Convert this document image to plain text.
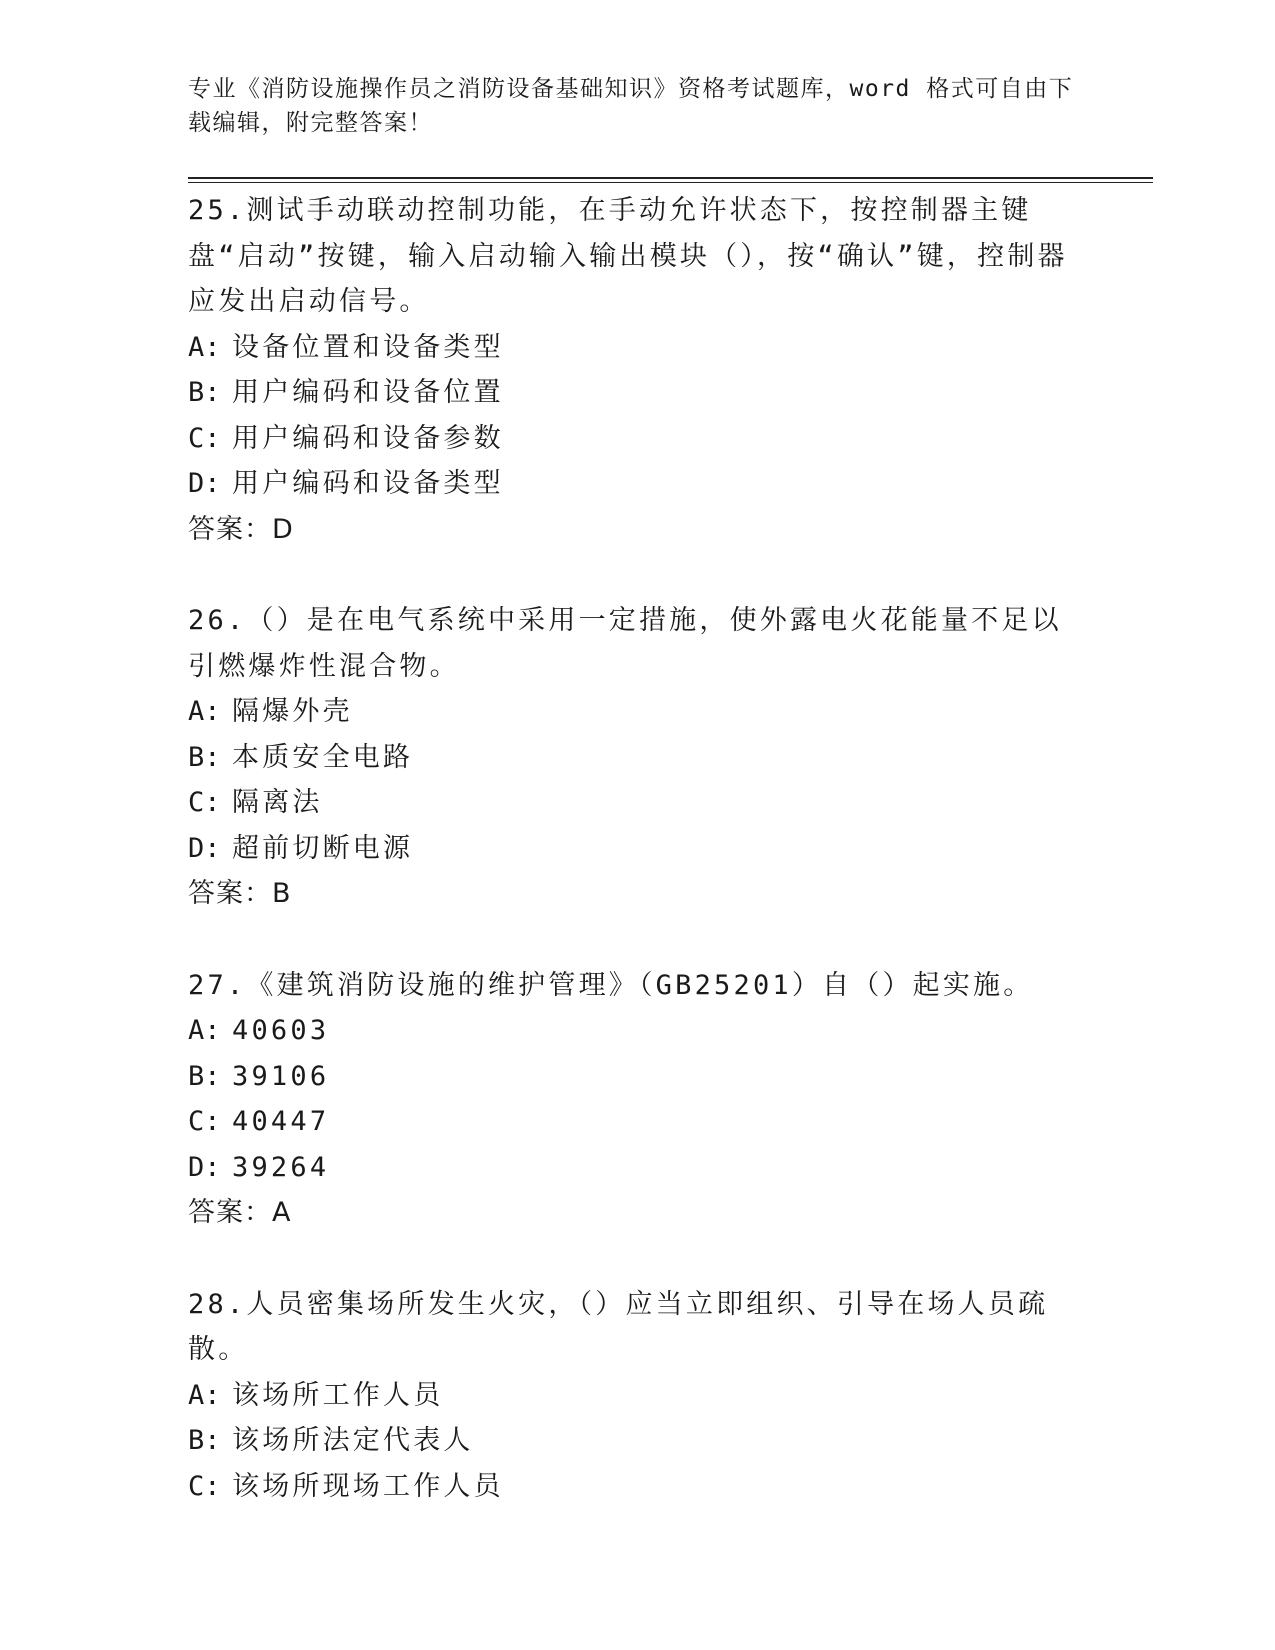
专业《消防设施操作员之消防设备基础知识》资格考试题库，word 格式可自由下
载编辑，附完整答案！

25.测试手动联动控制功能，在手动允许状态下，按控制器主键盘“启动”按键，输入启动输入输出模块（），按“确认”键，控制器应发出启动信号。

A: 设备位置和设备类型

B: 用户编码和设备位置

C: 用户编码和设备参数

D: 用户编码和设备类型

答案：D

26.（）是在电气系统中采用一定措施，使外露电火花能量不足以引燃爆炸性混合物。

A: 隔爆外壳

B: 本质安全电路

C: 隔离法

D: 超前切断电源

答案：B

27.《建筑消防设施的维护管理》（GB25201）自（）起实施。

A: 40603

B: 39106

C: 40447

D: 39264

答案：A

28.人员密集场所发生火灾，（）应当立即组织、引导在场人员疏散。

A: 该场所工作人员

B: 该场所法定代表人

C: 该场所现场工作人员
